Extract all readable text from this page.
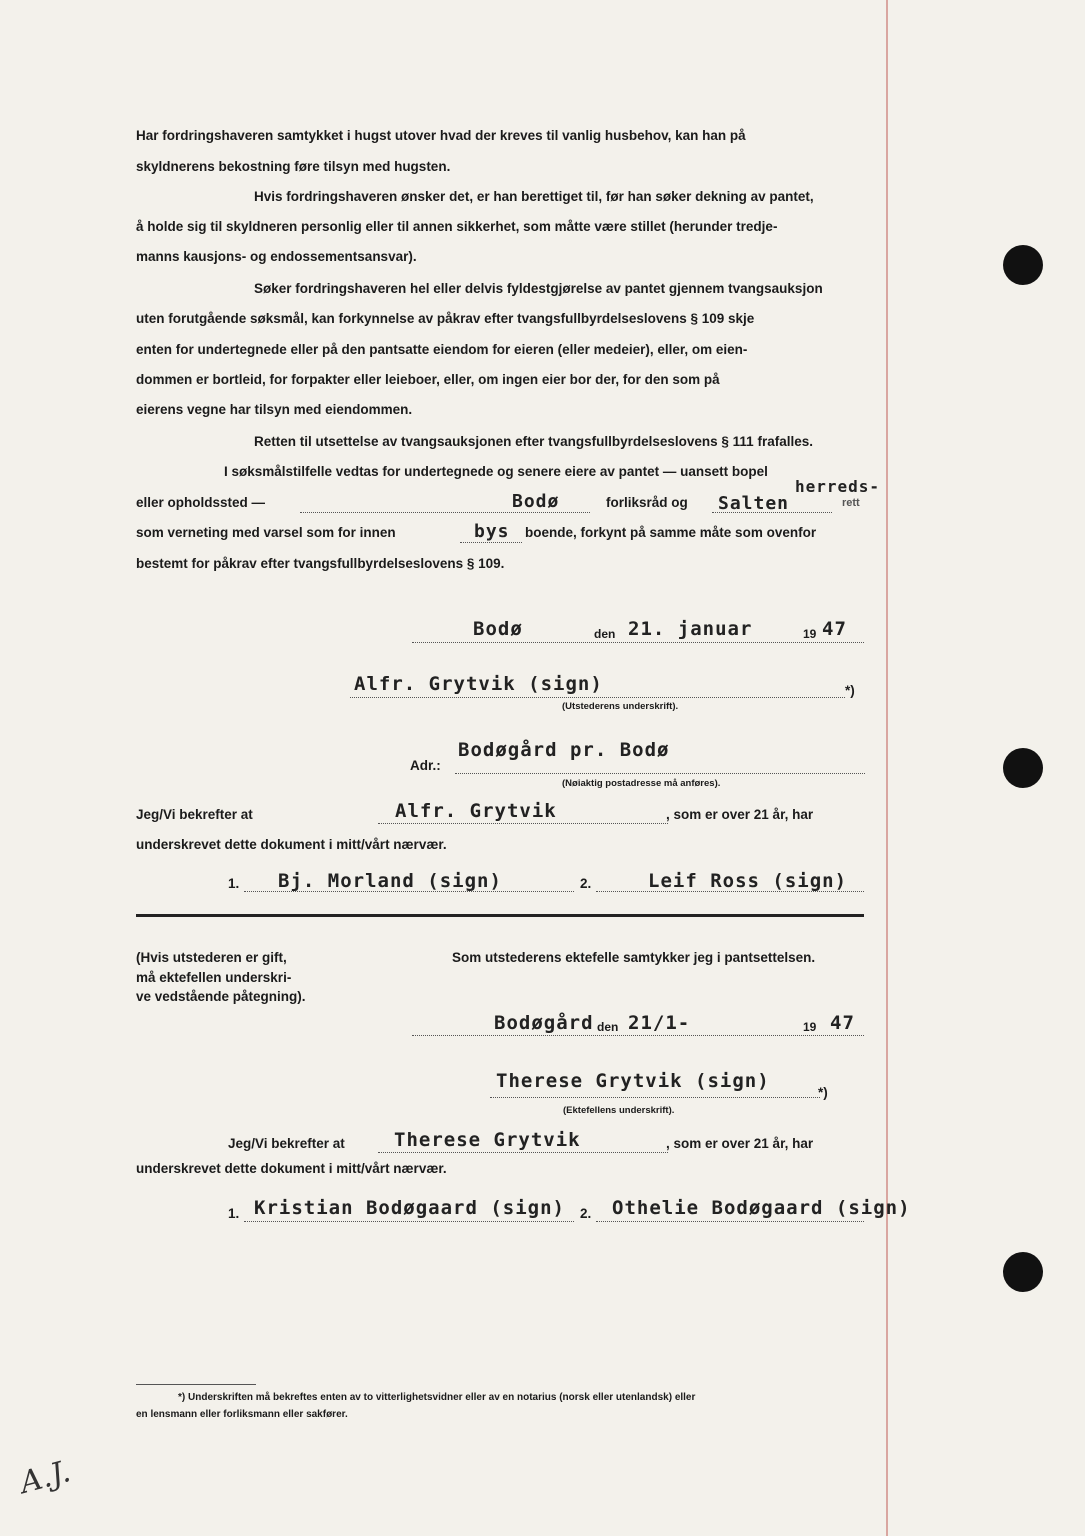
Har fordringshaveren samtykket i hugst utover hvad der kreves til vanlig husbehov, kan han på
skyldnerens bekostning føre tilsyn med hugsten.
Hvis fordringshaveren ønsker det, er han berettiget til, før han søker dekning av pantet,
å holde sig til skyldneren personlig eller til annen sikkerhet, som måtte være stillet (herunder tredje-
manns kausjons- og endossementsansvar).
Søker fordringshaveren hel eller delvis fyldestgjørelse av pantet gjennem tvangsauksjon
uten forutgående søksmål, kan forkynnelse av påkrav efter tvangsfullbyrdelseslovens § 109 skje
enten for undertegnede eller på den pantsatte eiendom for eieren (eller medeier), eller, om eien-
dommen er bortleid, for forpakter eller leieboer, eller, om ingen eier bor der, for den som på
eierens vegne har tilsyn med eiendommen.
Retten til utsettelse av tvangsauksjonen efter tvangsfullbyrdelseslovens § 111 frafalles.
I søksmålstilfelle vedtas for undertegnede og senere eiere av pantet — uansett bopel
eller opholdssted —	Bodø	forliksråd og Salten
herreds-
rett
som verneting med varsel som for innen	bys boende, forkynt på samme måte som ovenfor
bestemt for påkrav efter tvangsfullbyrdelseslovens § 109.
Bodø	den 21. januar	19 47
Alfr. Grytvik (sign)	*)
(Utstederens underskrift).
Adr.:
Bodøgård pr. Bodø
(Nøiaktig postadresse må anføres).
Jeg/Vi bekrefter at	Alfr. Grytvik	, som er over 21 år, har
underskrevet dette dokument i mitt/vårt nærvær.
1. Bj. Morland (sign)	2.	Leif Ross (sign)
(Hvis utstederen er gift,
må ektefellen underskri-
ve vedstående påtegning).
Som utstederens ektefelle samtykker jeg i pantsettelsen.
Bodøgård den 21/1-	19 47
Therese Grytvik (sign)
*)
(Ektefellens underskrift).
Jeg/Vi bekrefter at	Therese Grytvik	, som er over 21 år, har
underskrevet dette dokument i mitt/vårt nærvær.
1. Kristian Bodøgaard (sign) 2. Othelie Bodøgaard (sign)
*) Underskriften må bekreftes enten av to vitterlighetsvidner eller av en notarius (norsk eller utenlandsk) eller
en lensmann eller forliksmann eller sakfører.
A.J.
